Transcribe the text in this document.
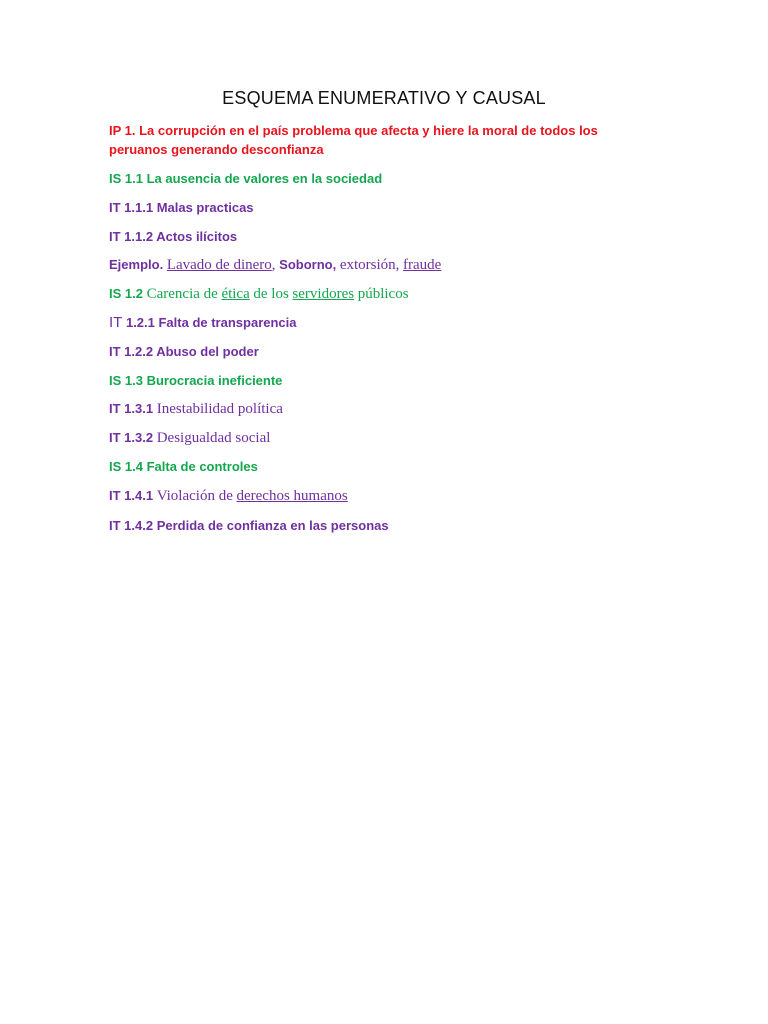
ESQUEMA ENUMERATIVO Y CAUSAL
IP 1. La corrupción en el país problema que afecta y hiere la moral de todos los
peruanos generando desconfianza
IS 1.1 La ausencia de valores en la sociedad
IT 1.1.1 Malas practicas
IT 1.1.2 Actos ilícitos
Ejemplo. Lavado de dinero, Soborno, extorsión, fraude
IS 1.2 Carencia de ética de los servidores públicos
IT 1.2.1 Falta de transparencia
IT 1.2.2 Abuso del poder
IS 1.3 Burocracia ineficiente
IT 1.3.1 Inestabilidad política
IT 1.3.2 Desigualdad social
IS 1.4 Falta de controles
IT 1.4.1 Violación de derechos humanos
IT 1.4.2 Perdida de confianza en las personas
